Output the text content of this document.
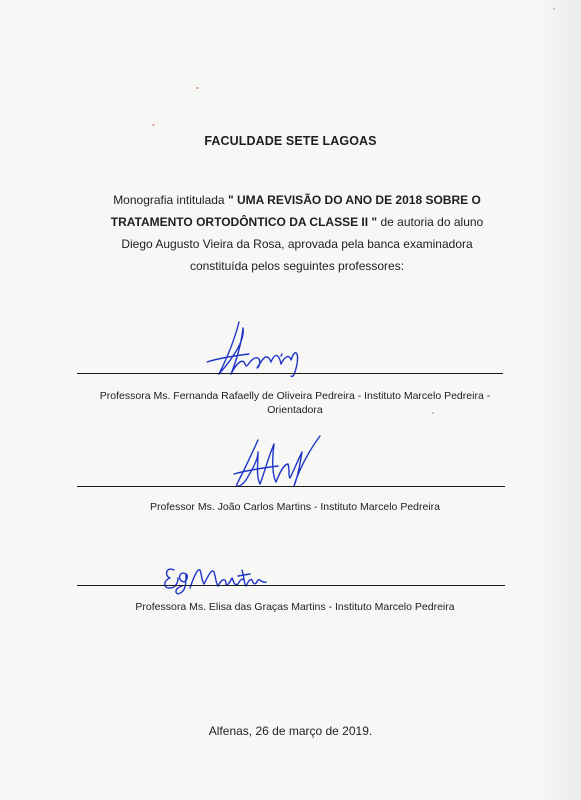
FACULDADE SETE LAGOAS
Monografia intitulada " UMA REVISÃO DO ANO DE 2018 SOBRE O TRATAMENTO ORTODÔNTICO DA CLASSE II " de autoria do aluno Diego Augusto Vieira da Rosa, aprovada pela banca examinadora constituída pelos seguintes professores:
Professora Ms. Fernanda Rafaelly de Oliveira Pedreira - Instituto Marcelo Pedreira -
Orientadora
Professor Ms. João Carlos Martins - Instituto Marcelo Pedreira
Professora Ms. Elisa das Graças Martins - Instituto Marcelo Pedreira
Alfenas, 26 de março de 2019.
